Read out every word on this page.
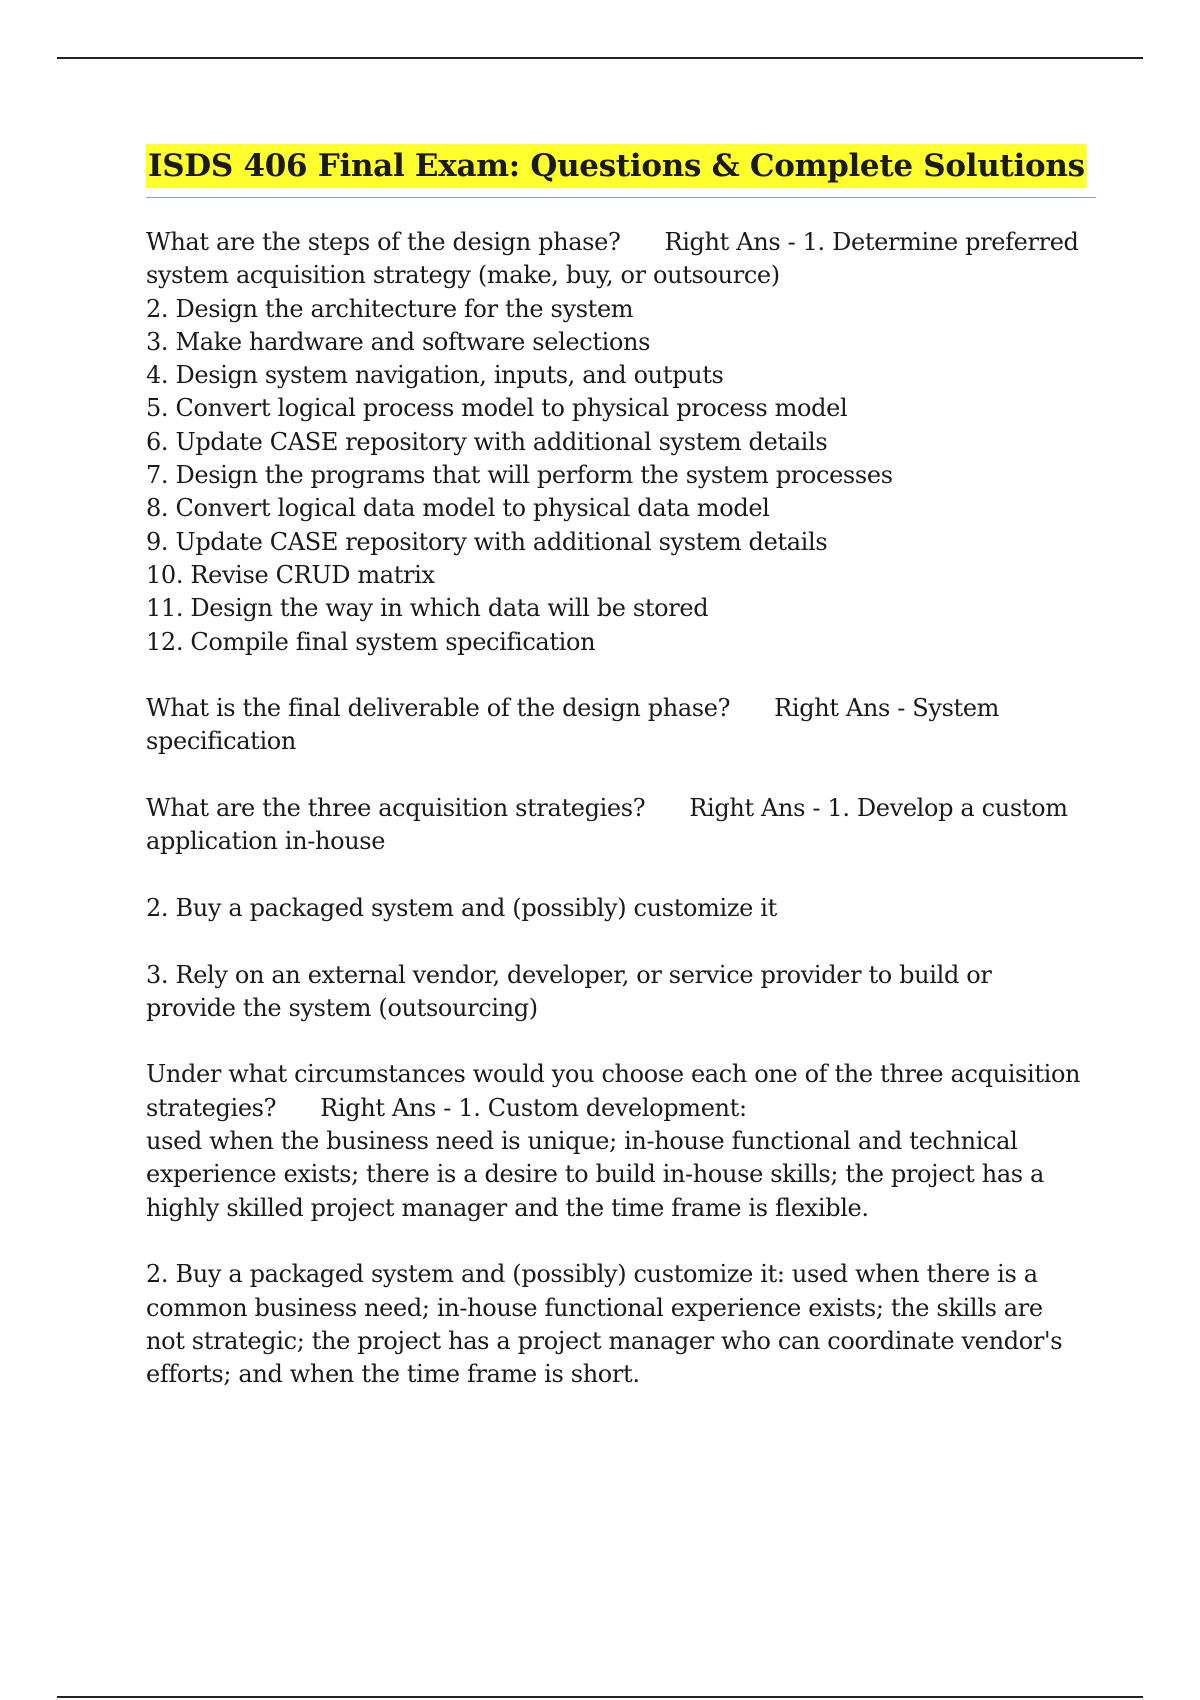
ISDS 406 Final Exam: Questions & Complete Solutions
What are the steps of the design phase? Right Ans - 1. Determine preferred
system acquisition strategy (make, buy, or outsource)
2. Design the architecture for the system
3. Make hardware and software selections
4. Design system navigation, inputs, and outputs
5. Convert logical process model to physical process model
6. Update CASE repository with additional system details
7. Design the programs that will perform the system processes
8. Convert logical data model to physical data model
9. Update CASE repository with additional system details
10. Revise CRUD matrix
11. Design the way in which data will be stored
12. Compile final system specification
What is the final deliverable of the design phase? Right Ans - System
specification
What are the three acquisition strategies? Right Ans - 1. Develop a custom
application in-house
2. Buy a packaged system and (possibly) customize it
3. Rely on an external vendor, developer, or service provider to build or
provide the system (outsourcing)
Under what circumstances would you choose each one of the three acquisition
strategies? Right Ans - 1. Custom development:
used when the business need is unique; in-house functional and technical
experience exists; there is a desire to build in-house skills; the project has a
highly skilled project manager and the time frame is flexible.
2. Buy a packaged system and (possibly) customize it: used when there is a
common business need; in-house functional experience exists; the skills are
not strategic; the project has a project manager who can coordinate vendor's
efforts; and when the time frame is short.
